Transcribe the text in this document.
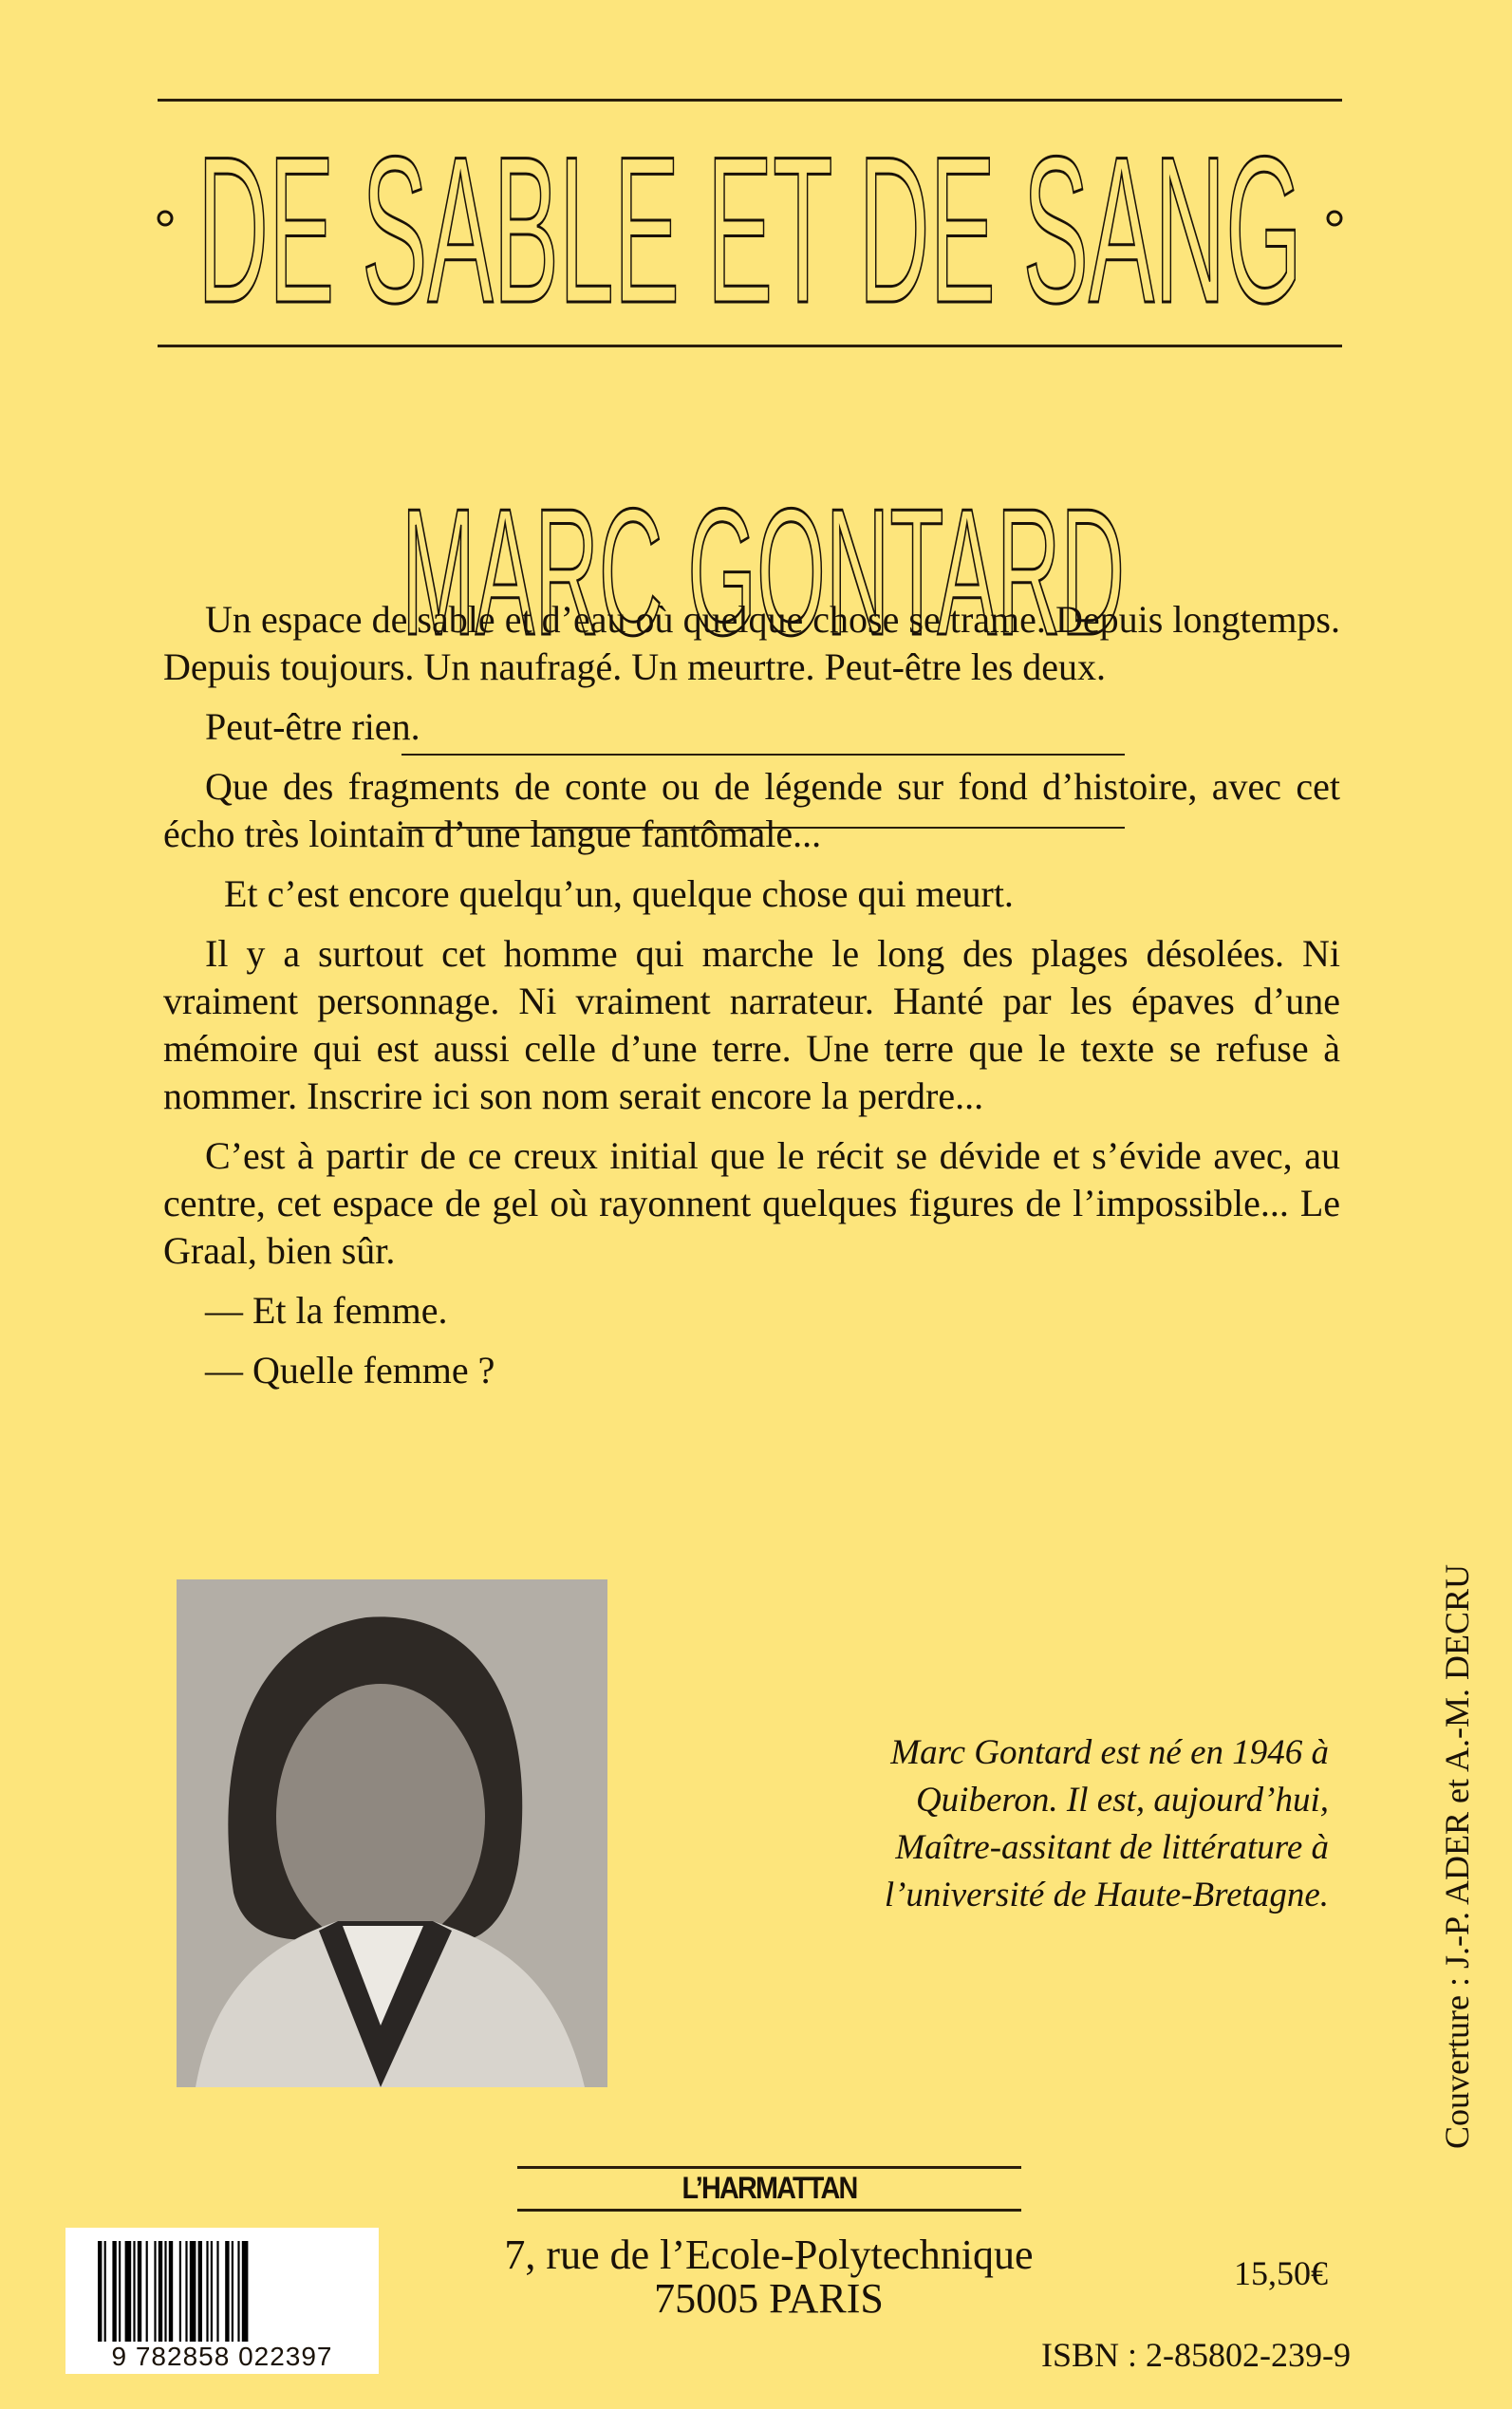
DE SABLE ET DE SANG
MARC GONTARD

Un espace de sable et d’eau où quelque chose se trame. Depuis longtemps. Depuis toujours. Un naufragé. Un meurtre. Peut-être les deux.

Peut-être rien.

Que des fragments de conte ou de légende sur fond d’histoire, avec cet écho très lointain d’une langue fantômale...

Et c’est encore quelqu’un, quelque chose qui meurt.

Il y a surtout cet homme qui marche le long des plages désolées. Ni vraiment personnage. Ni vraiment narrateur. Hanté par les épaves d’une mémoire qui est aussi celle d’une terre. Une terre que le texte se refuse à nommer. Inscrire ici son nom serait encore la perdre...

C’est à partir de ce creux initial que le récit se dévide et s’évide avec, au centre, cet espace de gel où rayonnent quelques figures de l’impossible... Le Graal, bien sûr.

— Et la femme.

— Quelle femme ?

Marc Gontard est né en 1946 à Quiberon. Il est, aujourd’hui, Maître-assitant de littérature à l’université de Haute-Bretagne.	Couverture : J.-P. ADER et A.-M. DECRU
L’HARMATTAN
9 782858 022397
7, rue de l’Ecole-Polytechnique
75005 PARIS
15,50€
ISBN : 2-85802-239-9
